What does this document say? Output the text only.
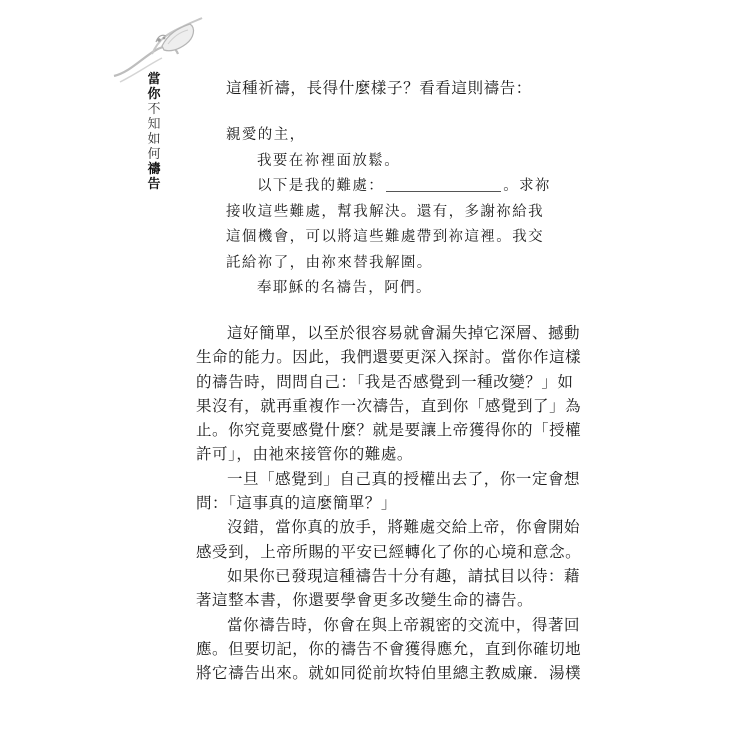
當
你
不
知
如
何
禱
告
這種祈禱，長得什麼樣子？看看這則禱告：
親愛的主，
我要在祢裡面放鬆。
以下是我的難處：	。求祢
接收這些難處，幫我解決。還有，多謝祢給我
這個機會，可以將這些難處帶到祢這裡。我交
託給祢了，由祢來替我解圍。
奉耶穌的名禱告，阿們。
這好簡單，以至於很容易就會漏失掉它深層、撼動
生命的能力。因此，我們還要更深入探討。當你作這樣
的禱告時，問問自己：「我是否感覺到一種改變？」如
果沒有，就再重複作一次禱告，直到你「感覺到了」為
止。你究竟要感覺什麼？就是要讓上帝獲得你的「授權
許可」，由祂來接管你的難處。
一旦「感覺到」自己真的授權出去了，你一定會想
問：「這事真的這麼簡單？」
沒錯，當你真的放手，將難處交給上帝，你會開始
感受到，上帝所賜的平安已經轉化了你的心境和意念。
如果你已發現這種禱告十分有趣，請拭目以待：藉
著這整本書，你還要學會更多改變生命的禱告。
當你禱告時，你會在與上帝親密的交流中，得著回
應。但要切記，你的禱告不會獲得應允，直到你確切地
將它禱告出來。就如同從前坎特伯里總主教威廉．湯樸
